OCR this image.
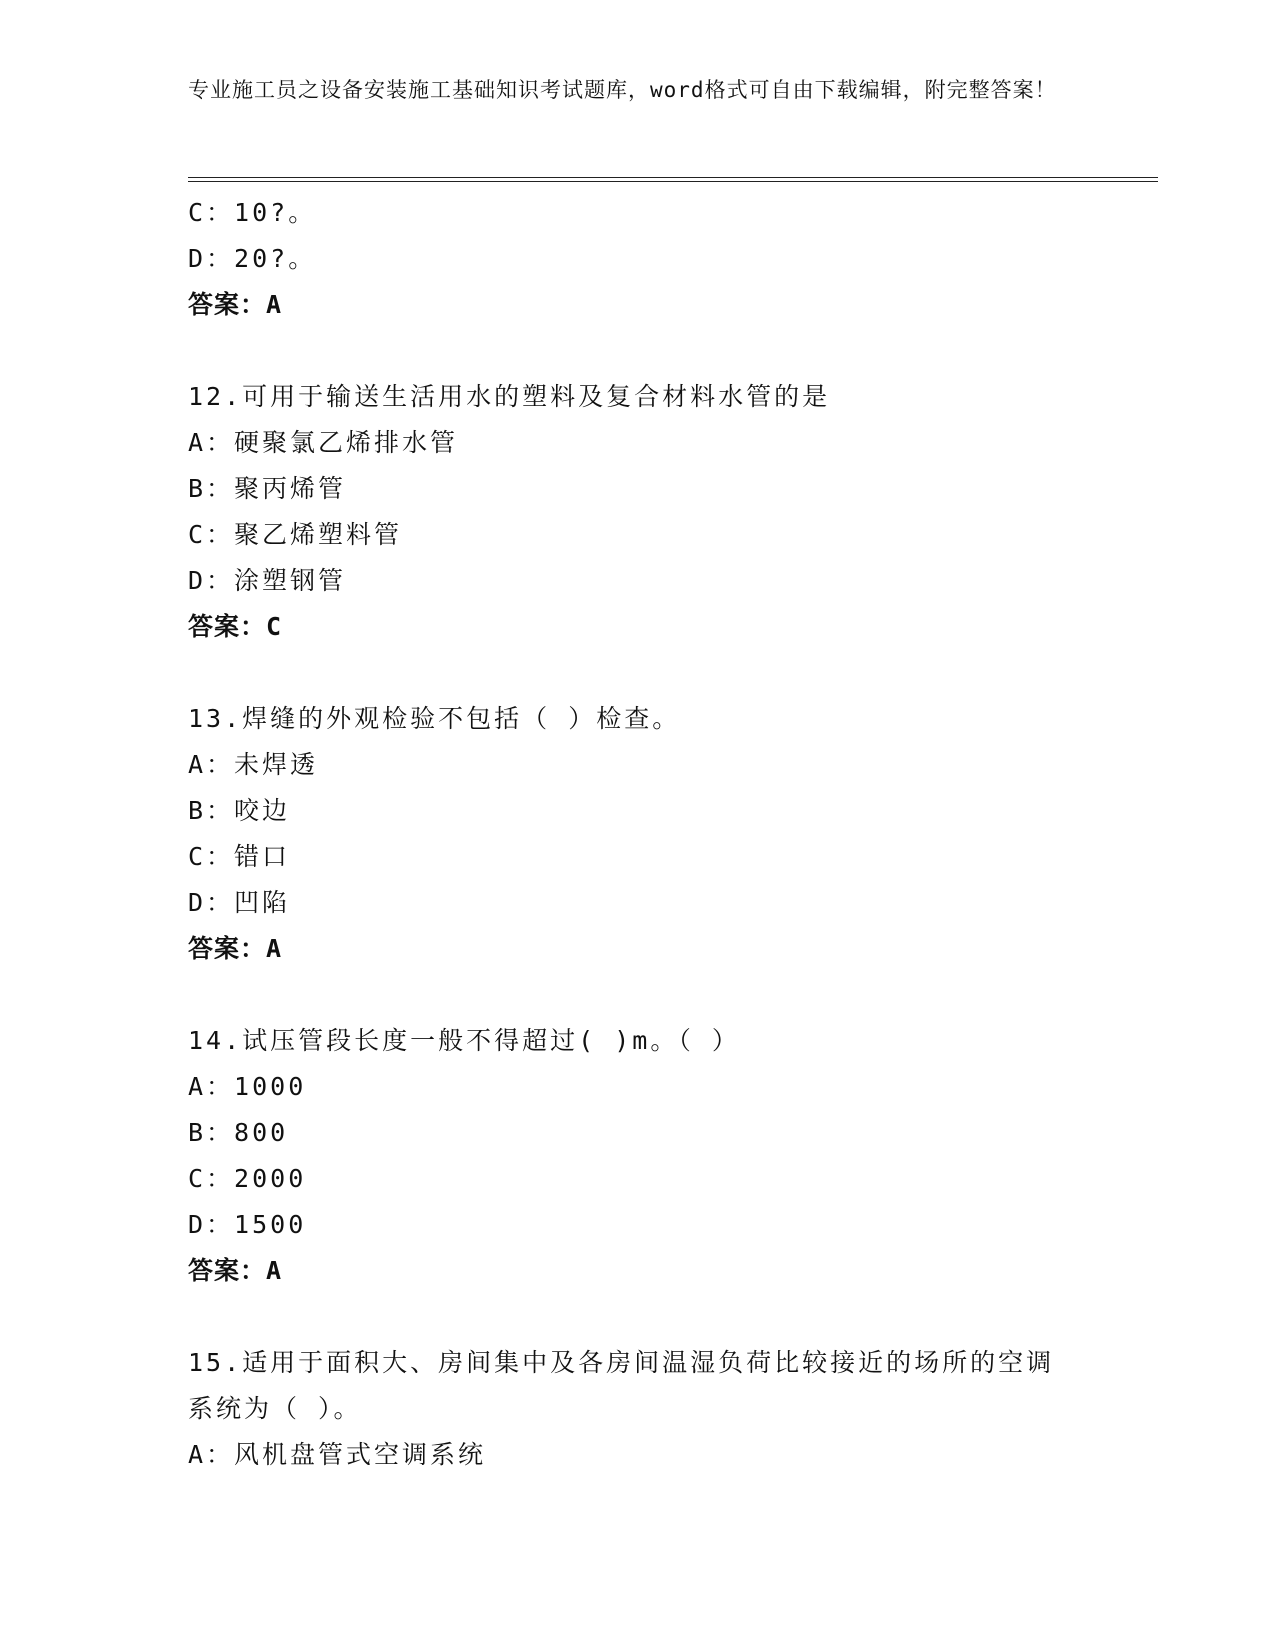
专业施工员之设备安装施工基础知识考试题库，word格式可自由下载编辑，附完整答案！
C：10?。
D：20?。
答案：A
12.可用于输送生活用水的塑料及复合材料水管的是
A：硬聚氯乙烯排水管
B：聚丙烯管
C：聚乙烯塑料管
D：涂塑钢管
答案：C
13.焊缝的外观检验不包括（ ）检查。
A：未焊透
B：咬边
C：错口
D：凹陷
答案：A
14.试压管段长度一般不得超过( )m。（ ）
A：1000
B：800
C：2000
D：1500
答案：A
15.适用于面积大、房间集中及各房间温湿负荷比较接近的场所的空调
系统为（ ）。
A：风机盘管式空调系统
